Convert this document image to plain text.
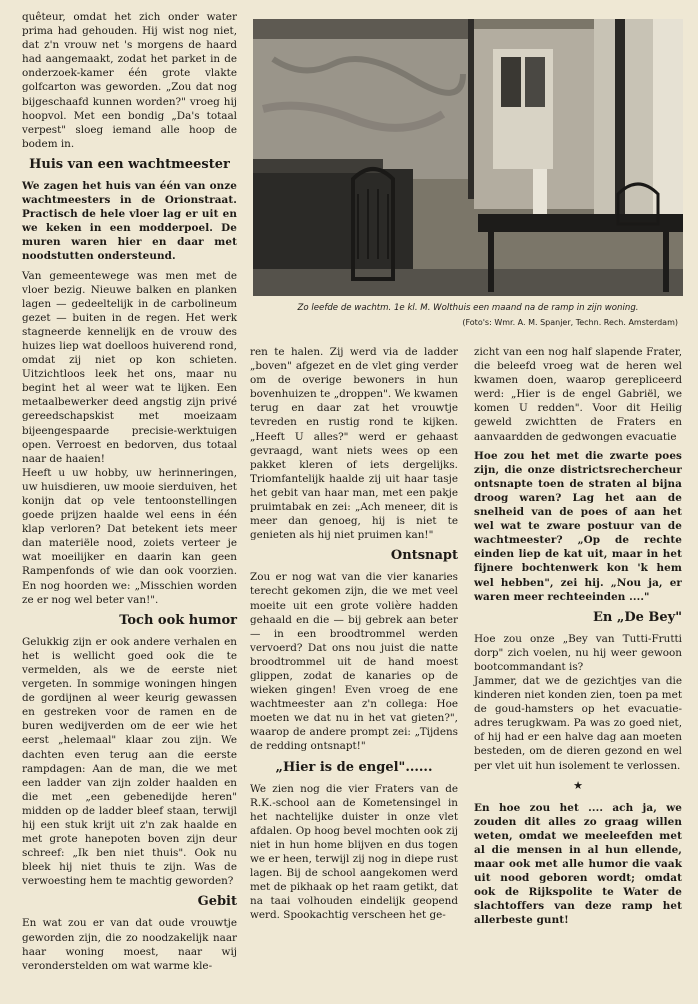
Zo leefde de wachtm. 1e kl. M. Wolthuis een maand na de ramp in zijn woning.
(Foto's: Wmr. A. M. Spanjer, Techn. Rech. Amsterdam)

quêteur, omdat het zich onder water prima had gehouden. Hij wist nog niet, dat z'n vrouw net 's morgens de haard had aangemaakt, zodat het parket in de onderzoek-kamer één grote vlakte golfcarton was geworden. „Zou dat nog bijgeschaafd kunnen worden?" vroeg hij hoopvol. Met een bondig „Da's totaal verpest" sloeg iemand alle hoop de bodem in.

Huis van een wachtmeester

We zagen het huis van één van onze wachtmeesters in de Orionstraat. Practisch de hele vloer lag er uit en we keken in een modderpoel. De muren waren hier en daar met noodstutten ondersteund.

Van gemeentewege was men met de vloer bezig. Nieuwe balken en planken lagen — gedeeltelijk in de carbolineum gezet — buiten in de regen. Het werk stagneerde kennelijk en de vrouw des huizes liep wat doelloos huiverend rond, omdat zij niet op kon schieten. Uitzichtloos leek het ons, maar nu begint het al weer wat te lijken. Een metaalbewerker deed angstig zijn privé gereedschapskist met moeizaam bijeengespaarde precisie-werktuigen open. Verroest en bedorven, dus totaal naar de haaien!

Heeft u uw hobby, uw herinneringen, uw huisdieren, uw mooie sierduiven, het konijn dat op vele tentoonstellingen goede prijzen haalde wel eens in één klap verloren? Dat betekent iets meer dan materiële nood, zoiets verteer je wat moeilijker en daarin kan geen Rampenfonds of wie dan ook voorzien. En nog hoorden we: „Misschien worden ze er nog wel beter van!".

Toch ook humor

Gelukkig zijn er ook andere verhalen en het is wellicht goed ook die te vermelden, als we de eerste niet vergeten. In sommige woningen hingen de gordijnen al weer keurig gewassen en gestreken voor de ramen en de buren wedijverden om de eer wie het eerst „helemaal" klaar zou zijn. We dachten even terug aan die eerste rampdagen: Aan de man, die we met een ladder van zijn zolder haalden en die met „een gebenedijde heren" midden op de ladder bleef staan, terwijl hij een stuk krijt uit z'n zak haalde en met grote hanepoten boven zijn deur schreef: „Ik ben niet thuis". Ook nu bleek hij niet thuis te zijn. Was de verwoesting hem te machtig geworden?

Gebit

En wat zou er van dat oude vrouwtje geworden zijn, die zo noodzakelijk naar haar woning moest, naar wij veronderstelden om wat warme kle-

ren te halen. Zij werd via de ladder „boven" afgezet en de vlet ging verder om de overige bewoners in hun bovenhuizen te „droppen". We kwamen terug en daar zat het vrouwtje tevreden en rustig rond te kijken. „Heeft U alles?" werd er gehaast gevraagd, want niets wees op een pakket kleren of iets dergelijks. Triomfantelijk haalde zij uit haar tasje het gebit van haar man, met een pakje pruimtabak en zei: „Ach meneer, dit is meer dan genoeg, hij is niet te genieten als hij niet pruimen kan!"

Ontsnapt

Zou er nog wat van die vier kanaries terecht gekomen zijn, die we met veel moeite uit een grote volière hadden gehaald en die — bij gebrek aan beter — in een broodtrommel werden vervoerd? Dat ons nou juist die natte broodtrommel uit de hand moest glippen, zodat de kanaries op de wieken gingen! Even vroeg de ene wachtmeester aan z'n collega: Hoe moeten we dat nu in het vat gieten?", waarop de andere prompt zei: „Tijdens de redding ontsnapt!"

„Hier is de engel"......

We zien nog die vier Fraters van de R.K.-school aan de Kometensingel in het nachtelijke duister in onze vlet afdalen. Op hoog bevel mochten ook zij niet in hun home blijven en dus togen we er heen, terwijl zij nog in diepe rust lagen. Bij de school aangekomen werd met de pikhaak op het raam getikt, dat na taai volhouden eindelijk geopend werd. Spookachtig verscheen het ge-

zicht van een nog half slapende Frater, die beleefd vroeg wat de heren wel kwamen doen, waarop gerepliceerd werd: „Hier is de engel Gabriël, we komen U redden". Voor dit Heilig geweld zwichtten de Fraters en aanvaardden de gedwongen evacuatie

Hoe zou het met die zwarte poes zijn, die onze districtsrechercheur ontsnapte toen de straten al bijna droog waren? Lag het aan de snelheid van de poes of aan het wel wat te zware postuur van de wachtmeester? „Op de rechte einden liep de kat uit, maar in het fijnere bochtenwerk kon 'k hem wel hebben", zei hij. „Nou ja, er waren meer rechteeinden ...."

En „De Bey"

Hoe zou onze „Bey van Tutti-Frutti dorp" zich voelen, nu hij weer gewoon bootcommandant is?

Jammer, dat we de gezichtjes van die kinderen niet konden zien, toen pa met de goud-hamsters op het evacuatie-adres terugkwam. Pa was zo goed niet, of hij had er een halve dag aan moeten besteden, om de dieren gezond en wel per vlet uit hun isolement te verlossen.

★

En hoe zou het .... ach ja, we zouden dit alles zo graag willen weten, omdat we meeleefden met al die mensen in al hun ellende, maar ook met alle humor die vaak uit nood geboren wordt; omdat ook de Rijkspolite te Water de slachtoffers van deze ramp het allerbeste gunt!
